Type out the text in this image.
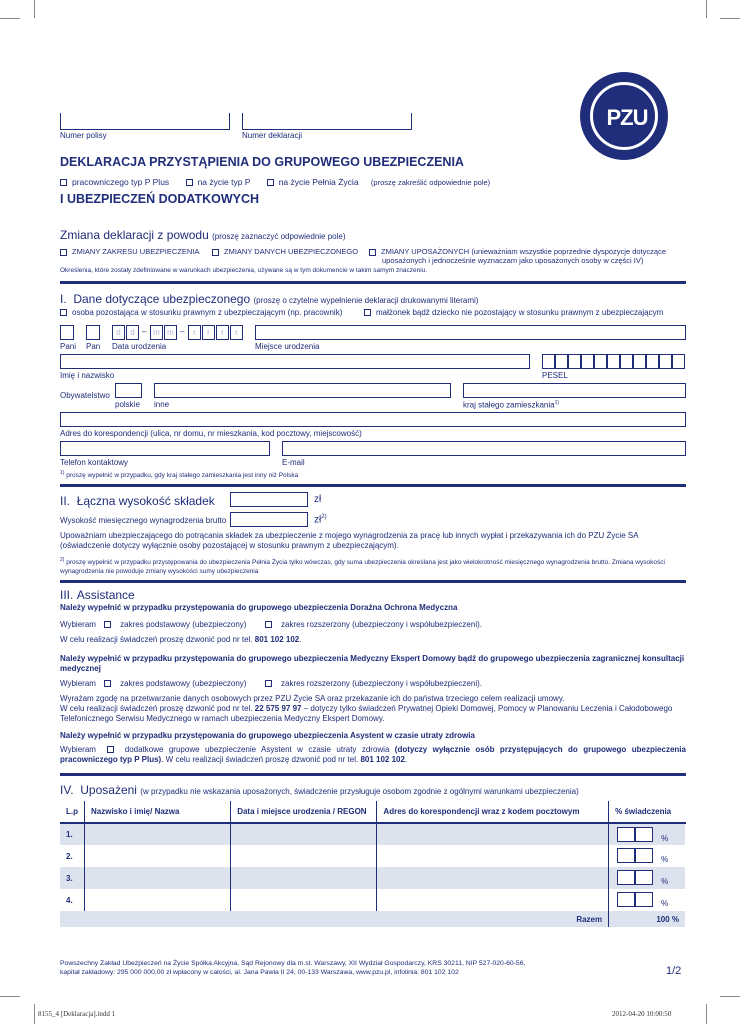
Numer polisy	Numer deklaracji
PZU
DEKLARACJA PRZYSTĄPIENIA DO GRUPOWEGO UBEZPIECZENIA
pracowniczego typ P Plus	na życie typ P	na życie Pełnia Życia (proszę zakreślić odpowiednie pole)
I UBEZPIECZEŃ DODATKOWYCH
Zmiana deklaracji z powodu (proszę zaznaczyć odpowiednie pole)
ZMIANY ZAKRESU UBEZPIECZENIA	ZMIANY DANYCH UBEZPIECZONEGO	ZMIANY UPOSAŻONYCH (unieważniam wszystkie poprzednie dyspozycje dotyczące
uposażonych i jednocześnie wyznaczam jako uposażonych osoby w części IV)
Określenia, które zostały zdefiniowane w warunkach ubezpieczenia, używane są w tym dokumencie w takim samym znaczeniu.
I. Dane dotyczące ubezpieczonego (proszę o czytelne wypełnienie deklaracji drukowanymi literami)
osoba pozostająca w stosunku prawnym z ubezpieczającym (np. pracownik)	małżonek bądź dziecko nie pozostający w stosunku prawnym z ubezpieczającym
d	d – m m –	r	r	r	r
Pani Pan Data urodzenia	Miejsce urodzenia
Imię i nazwisko	PESEL
Obywatelstwo
polskie inne	kraj stałego zamieszkania$^{1)}$
Adres do korespondencji (ulica, nr domu, nr mieszkania, kod pocztowy, miejscowość)
Telefon kontaktowy	E-mail
$^{1)}$ proszę wypełnić w przypadku, gdy kraj stałego zamieszkania jest inny niż Polska
II. Łączna wysokość składek	zł
Wysokość miesięcznego wynagrodzenia brutto	$zł^{2)}$
Upoważniam ubezpieczającego do potrącania składek za ubezpieczenie z mojego wynagrodzenia za pracę lub innych wypłat i przekazywania ich do PZU Życie SA (oświadczenie dotyczy wyłącznie osoby pozostającej w stosunku prawnym z ubezpieczającym).
$^{2)}$ proszę wypełnić w przypadku przystępowania do ubezpieczenia Pełnia Życia tylko wówczas, gdy suma ubezpieczenia określana jest jako wielokrotność miesięcznego wynagrodzenia brutto. Zmiana wysokości wynagrodzenia nie powoduje zmiany wysokości sumy ubezpieczenia
III. Assistance
Należy wypełnić w przypadku przystępowania do grupowego ubezpieczenia Doraźna Ochrona Medyczna
Wybieram	zakres podstawowy (ubezpieczony)	zakres rozszerzony (ubezpieczony i współubezpieczeni).
W celu realizacji świadczeń proszę dzwonić pod nr tel. 801 102 102.
Należy wypełnić w przypadku przystępowania do grupowego ubezpieczenia Medyczny Ekspert Domowy bądź do grupowego ubezpieczenia zagranicznej konsultacji medycznej
Wybieram	zakres podstawowy (ubezpieczony)	zakres rozszerzony (ubezpieczony i współubezpieczeni).
Wyrażam zgodę na przetwarzanie danych osobowych przez PZU Życie SA oraz przekazanie ich do państwa trzeciego celem realizacji umowy.
W celu realizacji świadczeń proszę dzwonić pod nr tel. 22 575 97 97 – dotyczy tylko świadczeń Prywatnej Opieki Domowej, Pomocy w Planowaniu Leczenia i Całodobowego Telefonicznego Serwisu Medycznego w ramach ubezpieczenia Medyczny Ekspert Domowy.
Należy wypełnić w przypadku przystępowania do grupowego ubezpieczenia Asystent w czasie utraty zdrowia
Wybieram	dodatkowe grupowe ubezpieczenie Asystent w czasie utraty zdrowia (dotyczy wyłącznie osób przystępujących do grupowego ubezpieczenia pracowniczego typ P Plus). W celu realizacji świadczeń proszę dzwonić pod nr tel. 801 102 102.
IV. Uposażeni (w przypadku nie wskazania uposażonych, świadczenie przysługuje osobom zgodnie z ogólnymi warunkami ubezpieczenia)
L.p	Nazwisko i imię/ Nazwa	Data i miejsce urodzenia / REGON	Adres do korespondencji wraz z kodem pocztowym	% świadczenia
1.				%

2.				%

3.				%

4.				%

Razem				100 %
Powszechny Zakład Ubezpieczeń na Życie Spółka Akcyjna, Sąd Rejonowy dla m.st. Warszawy, XII Wydział Gospodarczy, KRS 30211, NIP 527-020-60-56,
kapitał zakładowy: 295 000 000,00 zł wpłacony w całości, al. Jana Pawła II 24, 00-133 Warszawa, www.pzu.pl, infolinia: 801 102 102	1/2
8155_4 [Deklaracja].indd 1	2012-04-20 10:00:50
